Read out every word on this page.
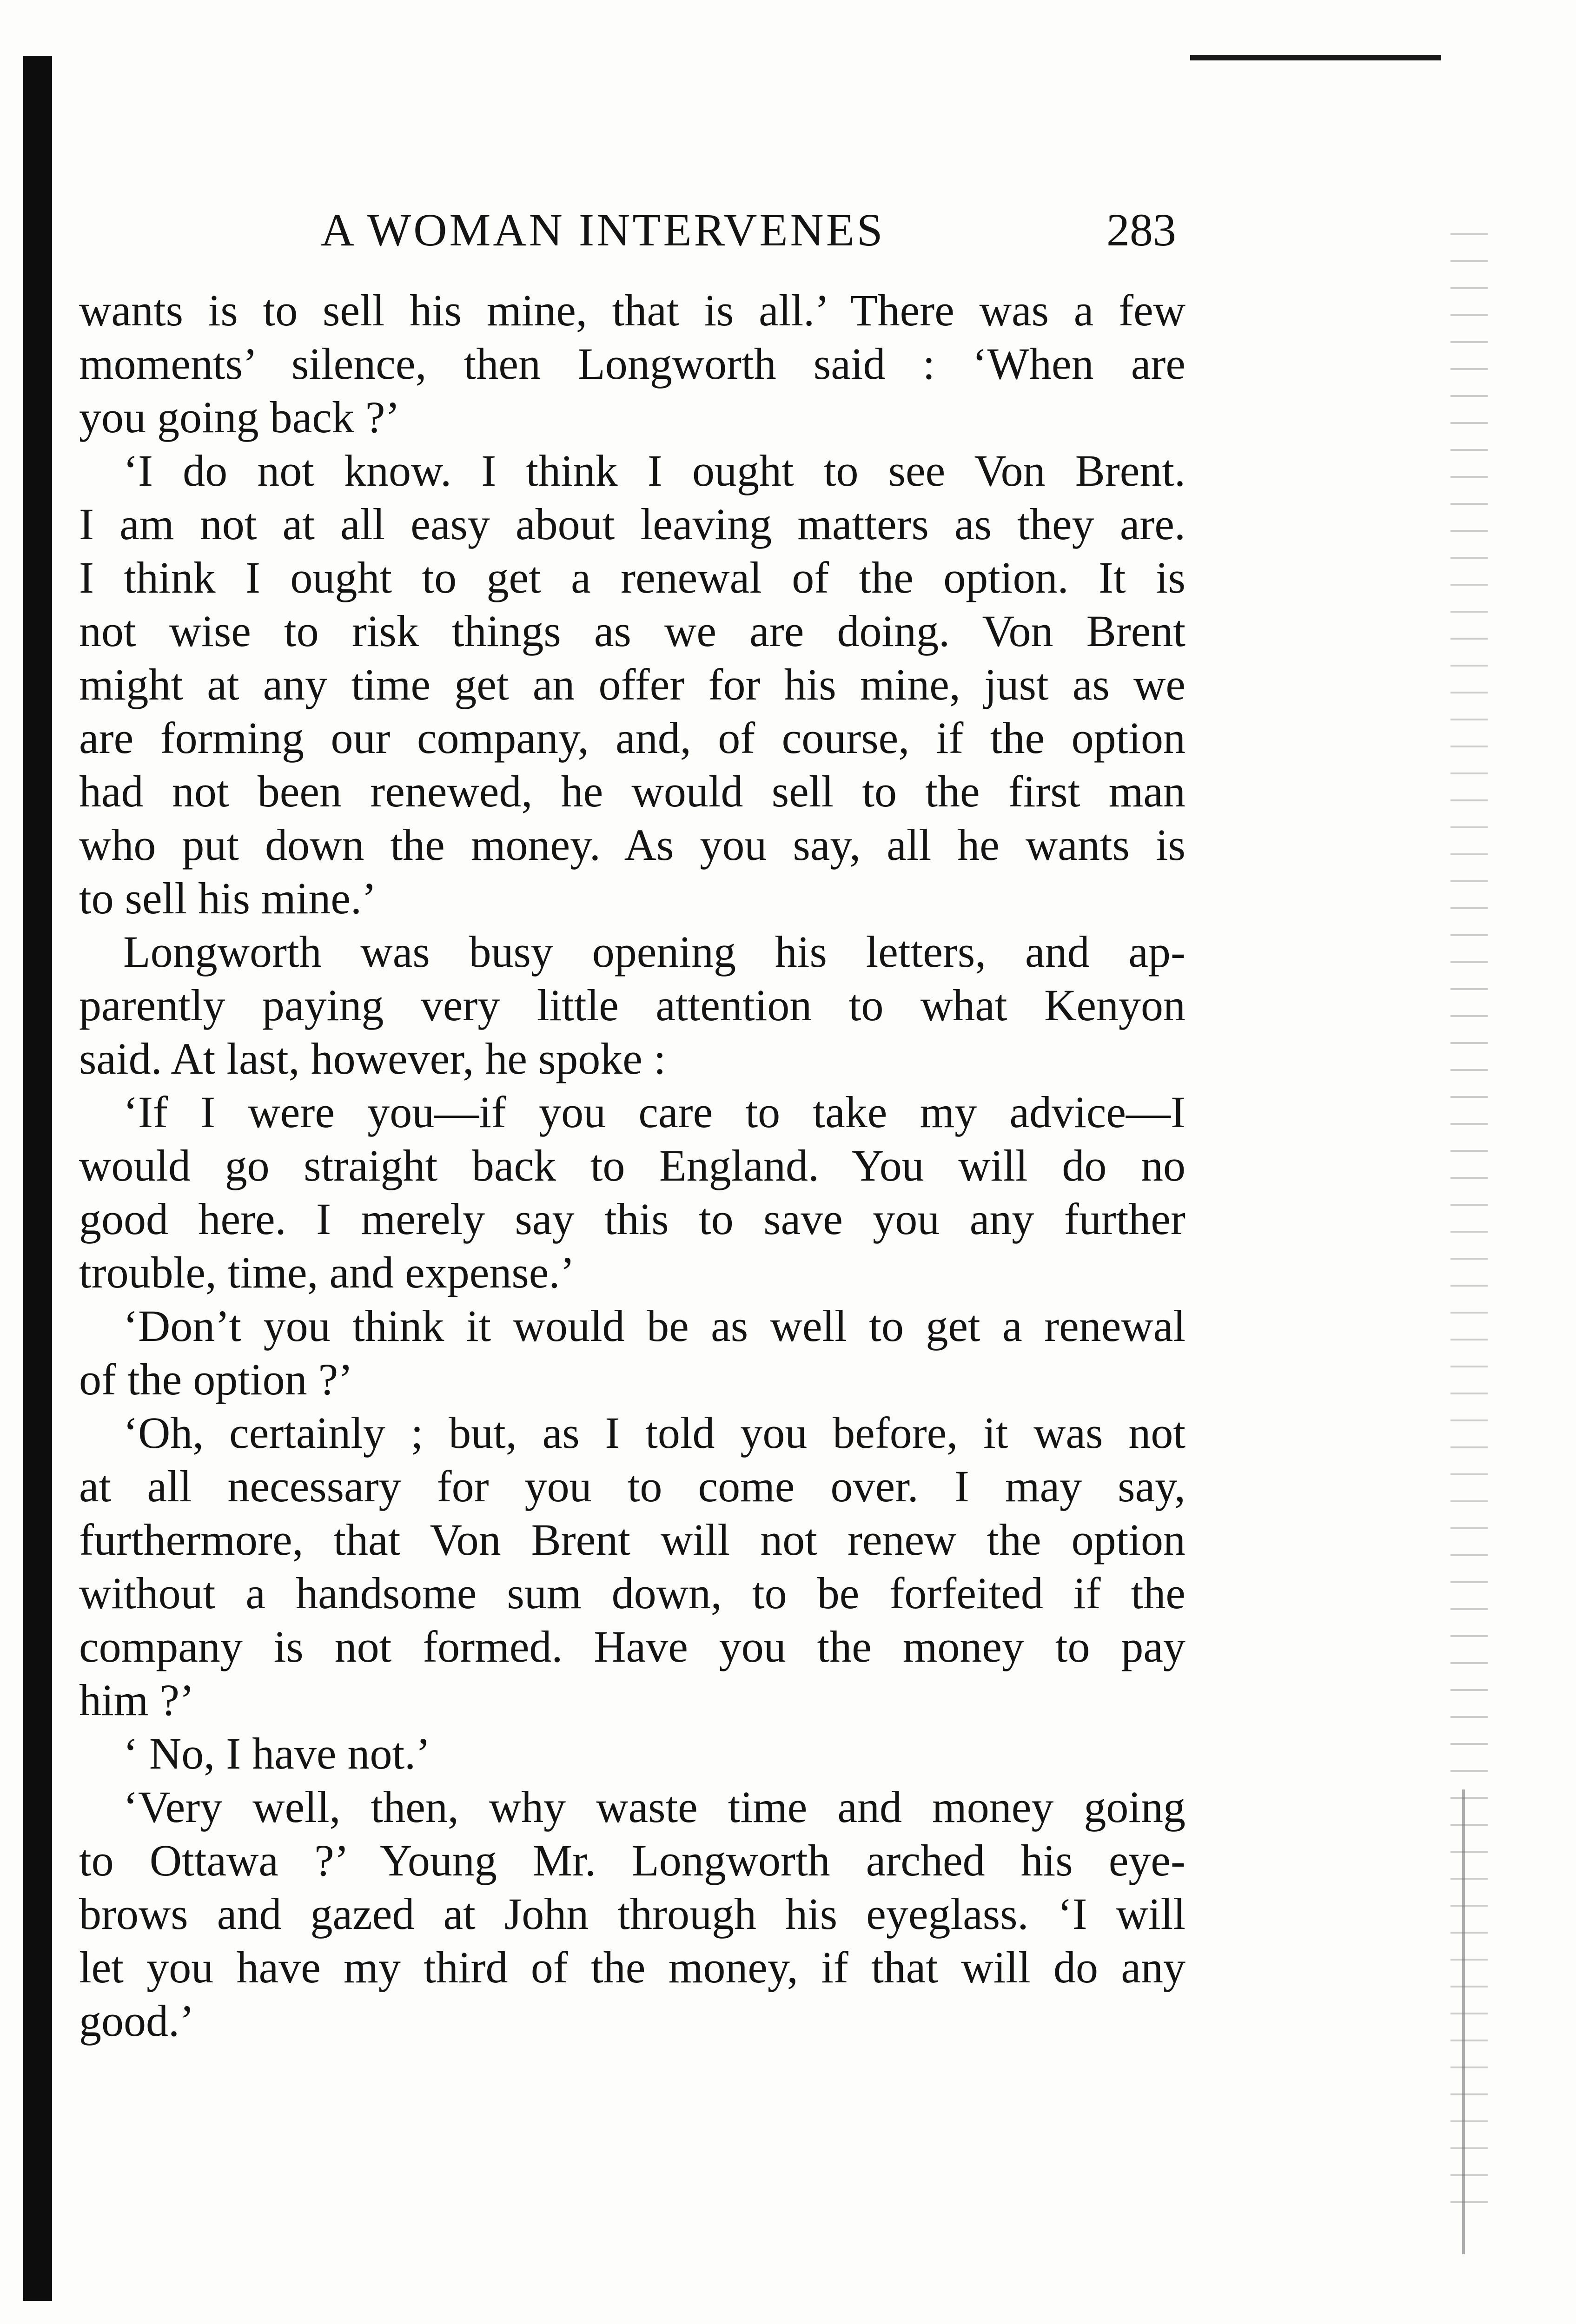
A WOMAN INTERVENES	283

wants is to sell his mine, that is all.’ There was a few
moments’ silence, then Longworth said : ‘When are
you going back ?’

‘I do not know. I think I ought to see Von Brent.
I am not at all easy about leaving matters as they are.
I think I ought to get a renewal of the option. It is
not wise to risk things as we are doing. Von Brent
might at any time get an offer for his mine, just as we
are forming our company, and, of course, if the option
had not been renewed, he would sell to the first man
who put down the money. As you say, all he wants is
to sell his mine.’

Longworth was busy opening his letters, and ap-
parently paying very little attention to what Kenyon
said. At last, however, he spoke :

‘If I were you—if you care to take my advice—I
would go straight back to England. You will do no
good here. I merely say this to save you any further
trouble, time, and expense.’

‘Don’t you think it would be as well to get a renewal
of the option ?’

‘Oh, certainly ; but, as I told you before, it was not
at all necessary for you to come over. I may say,
furthermore, that Von Brent will not renew the option
without a handsome sum down, to be forfeited if the
company is not formed. Have you the money to pay
him ?’

‘ No, I have not.’

‘Very well, then, why waste time and money going
to Ottawa ?’ Young Mr. Longworth arched his eye-
brows and gazed at John through his eyeglass. ‘I will
let you have my third of the money, if that will do any
good.’
